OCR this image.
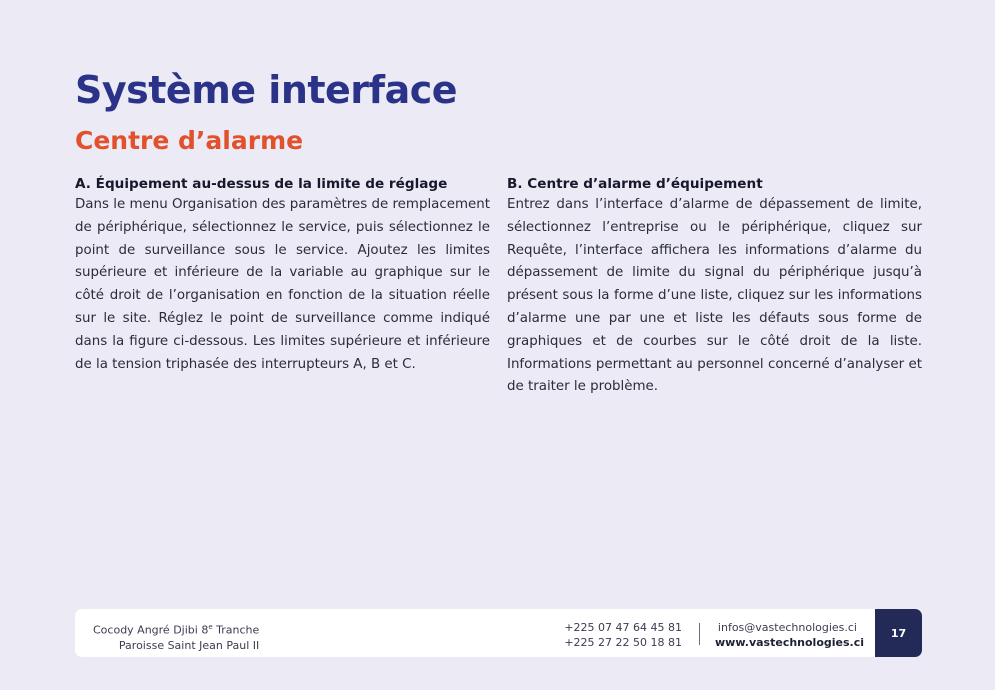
Système interface
Centre d’alarme
A. Équipement au-dessus de la limite de réglage

Dans le menu Organisation des paramètres de remplacement de périphérique, sélectionnez le service, puis sélectionnez le point de surveillance sous le service. Ajoutez les limites supérieure et inférieure de la variable au graphique sur le côté droit de l’organisation en fonction de la situation réelle sur le site. Réglez le point de surveillance comme indiqué dans la figure ci-dessous. Les limites supérieure et inférieure de la tension triphasée des interrupteurs A, B et C.

B. Centre d’alarme d’équipement

Entrez dans l’interface d’alarme de dépassement de limite, sélectionnez l’entreprise ou le périphérique, cliquez sur Requête, l’interface affichera les informations d’alarme du dépassement de limite du signal du périphérique jusqu’à présent sous la forme d’une liste, cliquez sur les informations d’alarme une par une et liste les défauts sous forme de graphiques et de courbes sur le côté droit de la liste. Informations permettant au personnel concerné d’analyser et de traiter le problème.

Cocody Angré Djibi 8e Tranche
Paroisse Saint Jean Paul II
+225 07 47 64 45 81
+225 27 22 50 18 81
infos@vastechnologies.ci
www.vastechnologies.ci
17
